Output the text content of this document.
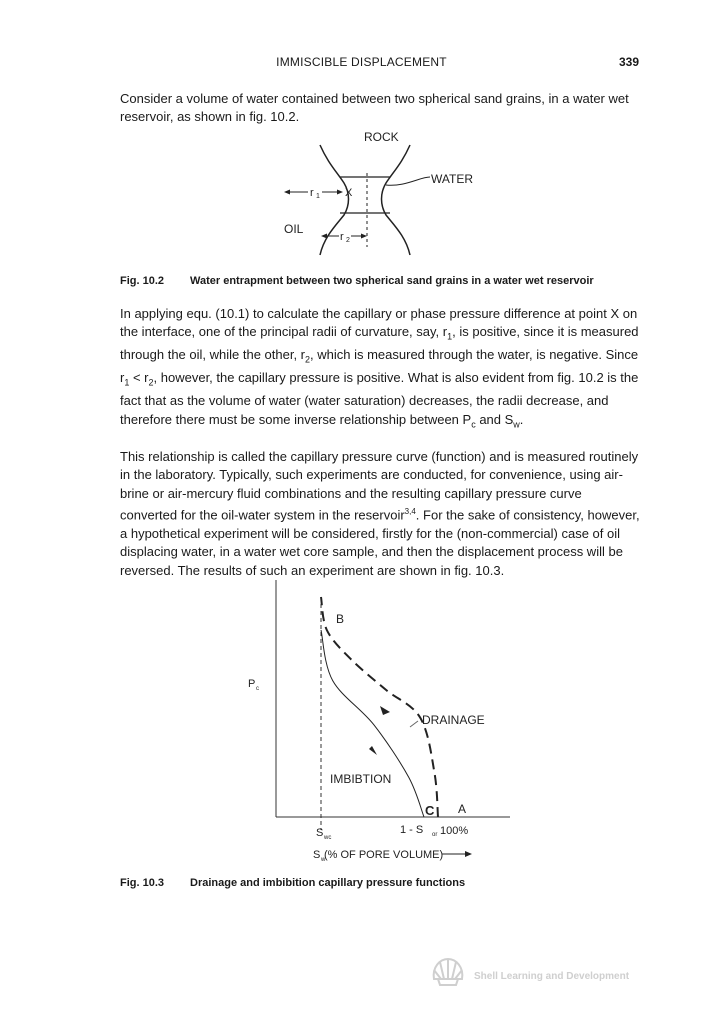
IMMISCIBLE DISPLACEMENT	339
Consider a volume of water contained between two spherical sand grains, in a water wet reservoir, as shown in fig. 10.2.
ROCK
WATER
r 1 X
OIL
r 2
Fig. 10.2 Water entrapment between two spherical sand grains in a water wet reservoir
In applying equ. (10.1) to calculate the capillary or phase pressure difference at point X on the interface, one of the principal radii of curvature, say, $r_1$, is positive, since it is measured through the oil, while the other, $r_2$, which is measured through the water, is negative. Since $r_1 < r_2$, however, the capillary pressure is positive. What is also evident from fig. 10.2 is the fact that as the volume of water (water saturation) decreases, the radii decrease, and therefore there must be some inverse relationship between $P_c$ and $S_w$.
This relationship is called the capillary pressure curve (function) and is measured routinely in the laboratory. Typically, such experiments are conducted, for convenience, using air-brine or air-mercury fluid combinations and the resulting capillary pressure curve converted for the oil-water system in the reservoir$^{3,4}$. For the sake of consistency, however, a hypothetical experiment will be considered, firstly for the (non-commercial) case of oil displacing water, in a water wet core sample, and then the displacement process will be reversed. The results of such an experiment are shown in fig. 10.3.
P c
B
A
C
DRAINAGE
IMBIBTION
S wc
1 - S or 100%
S w
(% OF PORE VOLUME)
Fig. 10.3 Drainage and imbibition capillary pressure functions
Shell Learning and Development
